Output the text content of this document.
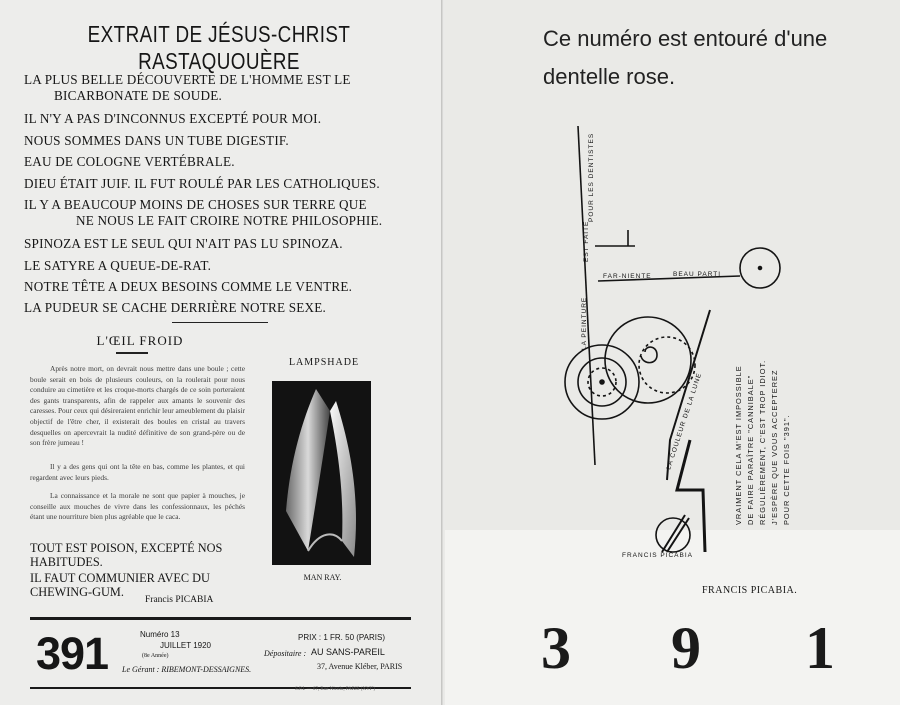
EXTRAIT DE JÉSUS-CHRIST RASTAQUOUÈRE
LA PLUS BELLE DÉCOUVERTE DE L'HOMME EST LE
BICARBONATE DE SOUDE.
IL N'Y A PAS D'INCONNUS EXCEPTÉ POUR MOI.
NOUS SOMMES DANS UN TUBE DIGESTIF.
EAU DE COLOGNE VERTÉBRALE.
DIEU ÉTAIT JUIF. IL FUT ROULÉ PAR LES CATHOLIQUES.
IL Y A BEAUCOUP MOINS DE CHOSES SUR TERRE QUE
NE NOUS LE FAIT CROIRE NOTRE PHILOSOPHIE.
SPINOZA EST LE SEUL QUI N'AIT PAS LU SPINOZA.
LE SATYRE A QUEUE-DE-RAT.
NOTRE TÊTE A DEUX BESOINS COMME LE VENTRE.
LA PUDEUR SE CACHE DERRIÈRE NOTRE SEXE.
L'ŒIL FROID

Après notre mort, on devrait nous mettre dans une boule ; cette boule serait en bois de plusieurs couleurs, on la roulerait pour nous conduire au cimetière et les croque-morts chargés de ce soin porteraient des gants transparents, afin de rappeler aux amants le souvenir des caresses. Pour ceux qui désireraient enrichir leur ameublement du plaisir objectif de l'être cher, il existerait des boules en cristal au travers desquelles on apercevrait la nudité définitive de son grand-père ou de son frère jumeau !

Il y a des gens qui ont la tête en bas, comme les plantes, et qui regardent avec leurs pieds.

La connaissance et la morale ne sont que papier à mouches, je conseille aux mouches de vivre dans les confessionnaux, les péchés étant une nourriture bien plus agréable que le caca.

TOUT EST POISON, EXCEPTÉ NOS
HABITUDES.
IL FAUT COMMUNIER AVEC DU
CHEWING-GUM.
Francis PICABIA
LAMPSHADE
MAN RAY.
391	Numéro 13
JUILLET 1920
(8e Année)
Le Gérant : RIBEMONT-DESSAIGNES.
PRIX : 1 FR. 50 (PARIS)
Dépositaire : AU SANS-PAREIL
37, Avenue Kléber, PARIS
S.P.I. — 67, Rue Nicolo, PARIS (XVI°)
Ce numéro est entouré d'une
dentelle rose.
POUR LES DENTISTES
EST FAITE
LA PEINTURE
FAR-NIENTE	BEAU PARTI
LA COULEUR DE LA LUNE
FRANCIS PICABIA
VRAIMENT CELA M'EST IMPOSSIBLE DE FAIRE PARAÎTRE "CANNIBALE" RÉGULIÈREMENT, C'EST TROP IDIOT. J'ESPÈRE QUE VOUS ACCEPTEREZ POUR CETTE FOIS "391".
FRANCIS PICABIA.
3 9 1
